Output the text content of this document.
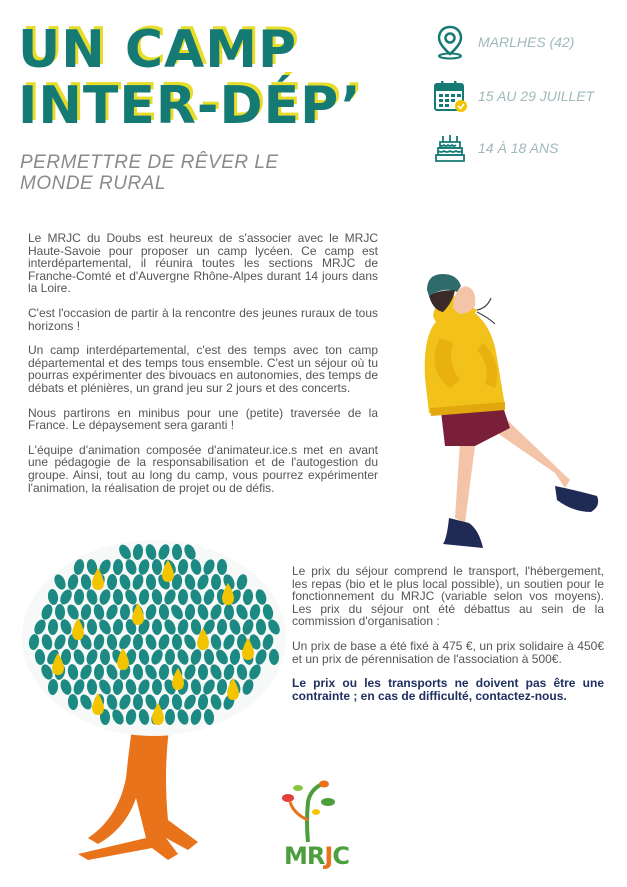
UN CAMP
INTER-DÉP’
PERMETTRE DE RÊVER LE
MONDE RURAL
MARLHES (42)
15 AU 29 JUILLET
14 À 18 ANS

Le MRJC du Doubs est heureux de s'associer avec le MRJC Haute-Savoie pour proposer un camp lycéen. Ce camp est interdépartemental, il réunira toutes les sections MRJC de Franche-Comté et d'Auvergne Rhône-Alpes durant 14 jours dans la Loire.

C'est l'occasion de partir à la rencontre des jeunes ruraux de tous horizons !

Un camp interdépartemental, c'est des temps avec ton camp départemental et des temps tous ensemble. C'est un séjour où tu pourras expérimenter des bivouacs en autonomies, des temps de débats et plénières, un grand jeu sur 2 jours et des concerts.

Nous partirons en minibus pour une (petite) traversée de la France. Le dépaysement sera garanti !

L'équipe d'animation composée d'animateur.ice.s met en avant une pédagogie de la responsabilisation et de l'autogestion du groupe. Ainsi, tout au long du camp, vous pourrez expérimenter l'animation, la réalisation de projet ou de défis.

Le prix du séjour comprend le transport, l'hébergement, les repas (bio et le plus local possible), un soutien pour le fonctionnement du MRJC (variable selon vos moyens). Les prix du séjour ont été débattus au sein de la commission d'organisation :

Un prix de base a été fixé à 475 €, un prix solidaire à 450€ et un prix de pérennisation de l'association à 500€.

Le prix ou les transports ne doivent pas être une contrainte ; en cas de difficulté, contactez-nous.

MRJC
